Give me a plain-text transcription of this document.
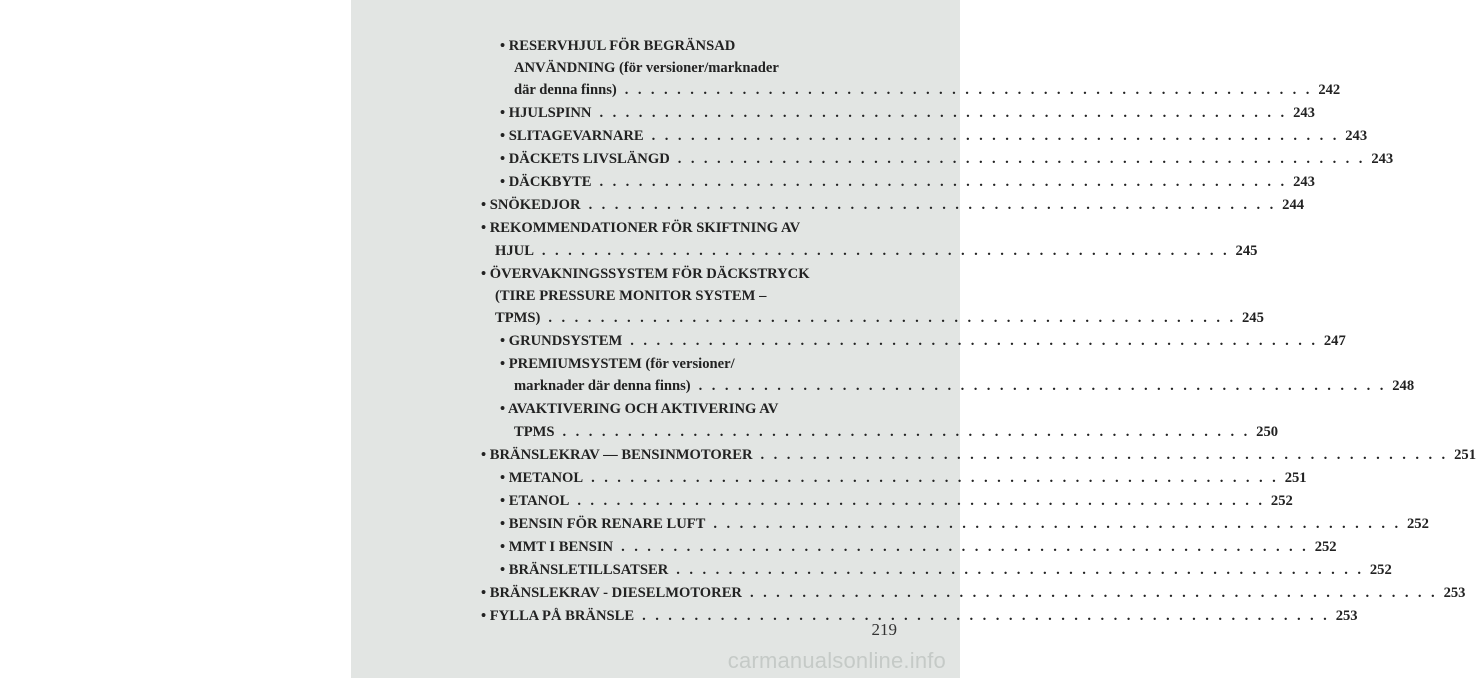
• RESERVHJUL FÖR BEGRÄNSAD
ANVÄNDNING (för versioner/marknader
där denna finns) . . . . . . . . . . . . . . . . . . . . . . . . . . . . . . . . . . . . . . . . . . . . . . . . . . . . . 242
• HJULSPINN . . . . . . . . . . . . . . . . . . . . . . . . . . . . . . . . . . . . . . . . . . . . . . . . . . . . . 243
• SLITAGEVARNARE . . . . . . . . . . . . . . . . . . . . . . . . . . . . . . . . . . . . . . . . . . . . . . . . . . . . . 243
• DÄCKETS LIVSLÄNGD . . . . . . . . . . . . . . . . . . . . . . . . . . . . . . . . . . . . . . . . . . . . . . . . . . . . . 243
• DÄCKBYTE . . . . . . . . . . . . . . . . . . . . . . . . . . . . . . . . . . . . . . . . . . . . . . . . . . . . . 243
• SNÖKEDJOR . . . . . . . . . . . . . . . . . . . . . . . . . . . . . . . . . . . . . . . . . . . . . . . . . . . . . 244
• REKOMMENDATIONER FÖR SKIFTNING AV
HJUL . . . . . . . . . . . . . . . . . . . . . . . . . . . . . . . . . . . . . . . . . . . . . . . . . . . . . 245
• ÖVERVAKNINGSSYSTEM FÖR DÄCKSTRYCK
(TIRE PRESSURE MONITOR SYSTEM –
TPMS) . . . . . . . . . . . . . . . . . . . . . . . . . . . . . . . . . . . . . . . . . . . . . . . . . . . . . 245
• GRUNDSYSTEM . . . . . . . . . . . . . . . . . . . . . . . . . . . . . . . . . . . . . . . . . . . . . . . . . . . . . 247
• PREMIUMSYSTEM (för versioner/
marknader där denna finns) . . . . . . . . . . . . . . . . . . . . . . . . . . . . . . . . . . . . . . . . . . . . . . . . . . . . . 248
• AVAKTIVERING OCH AKTIVERING AV
TPMS . . . . . . . . . . . . . . . . . . . . . . . . . . . . . . . . . . . . . . . . . . . . . . . . . . . . . 250
• BRÄNSLEKRAV — BENSINMOTORER . . . . . . . . . . . . . . . . . . . . . . . . . . . . . . . . . . . . . . . . . . . . . . . . . . . . . 251
• METANOL . . . . . . . . . . . . . . . . . . . . . . . . . . . . . . . . . . . . . . . . . . . . . . . . . . . . . 251
• ETANOL . . . . . . . . . . . . . . . . . . . . . . . . . . . . . . . . . . . . . . . . . . . . . . . . . . . . . 252
• BENSIN FÖR RENARE LUFT . . . . . . . . . . . . . . . . . . . . . . . . . . . . . . . . . . . . . . . . . . . . . . . . . . . . . 252
• MMT I BENSIN . . . . . . . . . . . . . . . . . . . . . . . . . . . . . . . . . . . . . . . . . . . . . . . . . . . . . 252
• BRÄNSLETILLSATSER . . . . . . . . . . . . . . . . . . . . . . . . . . . . . . . . . . . . . . . . . . . . . . . . . . . . . 252
• BRÄNSLEKRAV - DIESELMOTORER . . . . . . . . . . . . . . . . . . . . . . . . . . . . . . . . . . . . . . . . . . . . . . . . . . . . . 253
• FYLLA PÅ BRÄNSLE . . . . . . . . . . . . . . . . . . . . . . . . . . . . . . . . . . . . . . . . . . . . . . . . . . . . . 253
219
carmanualsonline.info
